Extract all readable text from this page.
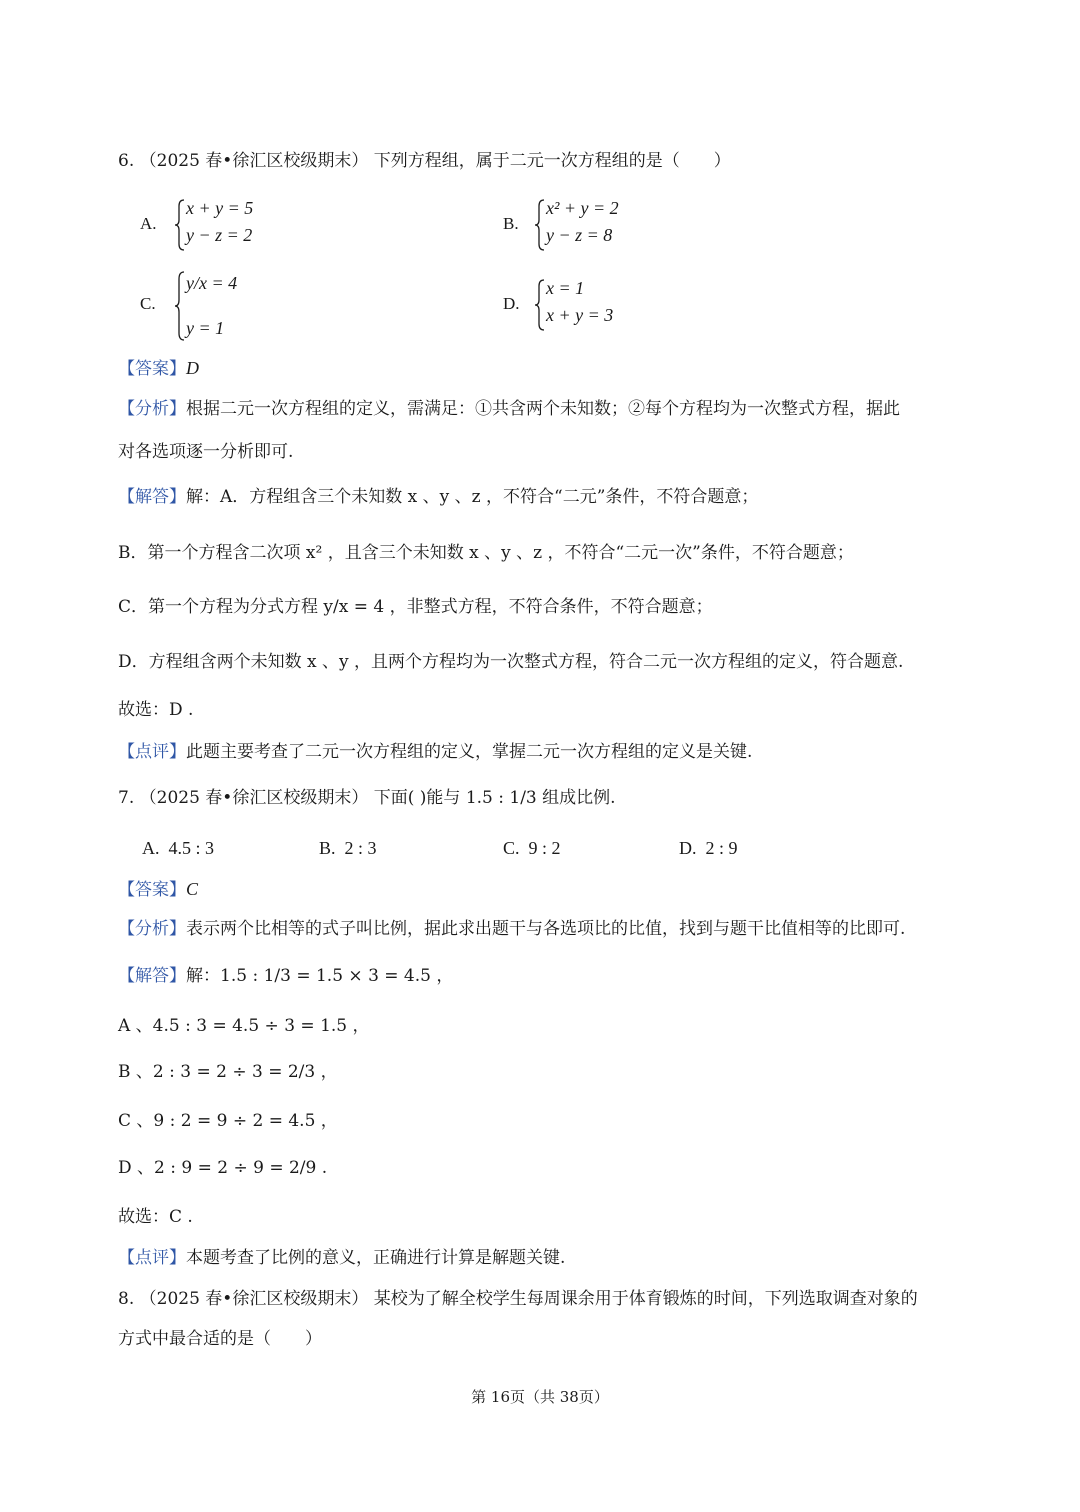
6. （2025 春•徐汇区校级期末） 下列方程组，属于二元一次方程组的是（　　）
A.
x + y = 5
y − z = 2
B.
x² + y = 2
y − z = 8
C.
y/x = 4
y = 1
D.
x = 1
x + y = 3
【答案】D
【分析】根据二元一次方程组的定义，需满足：①共含两个未知数；②每个方程均为一次整式方程，据此
对各选项逐一分析即可.
【解答】解：A．方程组含三个未知数 x 、y 、z ，不符合“二元”条件，不符合题意；
B．第一个方程含二次项 x² ，且含三个未知数 x 、y 、z ，不符合“二元一次”条件，不符合题意；
C．第一个方程为分式方程 y/x = 4 ，非整式方程，不符合条件，不符合题意；
D．方程组含两个未知数 x 、y ，且两个方程均为一次整式方程，符合二元一次方程组的定义，符合题意.
故选：D .
【点评】此题主要考查了二元一次方程组的定义，掌握二元一次方程组的定义是关键.
7. （2025 春•徐汇区校级期末） 下面( )能与 1.5 : 1/3 组成比例.
A. 4.5 : 3	B. 2 : 3	C. 9 : 2	D. 2 : 9
【答案】C
【分析】表示两个比相等的式子叫比例，据此求出题干与各选项比的比值，找到与题干比值相等的比即可.
【解答】解：1.5 : 1/3 = 1.5 × 3 = 4.5 ，
A 、4.5 : 3 = 4.5 ÷ 3 = 1.5 ，
B 、2 : 3 = 2 ÷ 3 = 2/3 ，
C 、9 : 2 = 9 ÷ 2 = 4.5 ，
D 、2 : 9 = 2 ÷ 9 = 2/9 .
故选：C .
【点评】本题考查了比例的意义，正确进行计算是解题关键.
8. （2025 春•徐汇区校级期末） 某校为了解全校学生每周课余用于体育锻炼的时间，下列选取调查对象的
方式中最合适的是（　　）
第 16页（共 38页）
